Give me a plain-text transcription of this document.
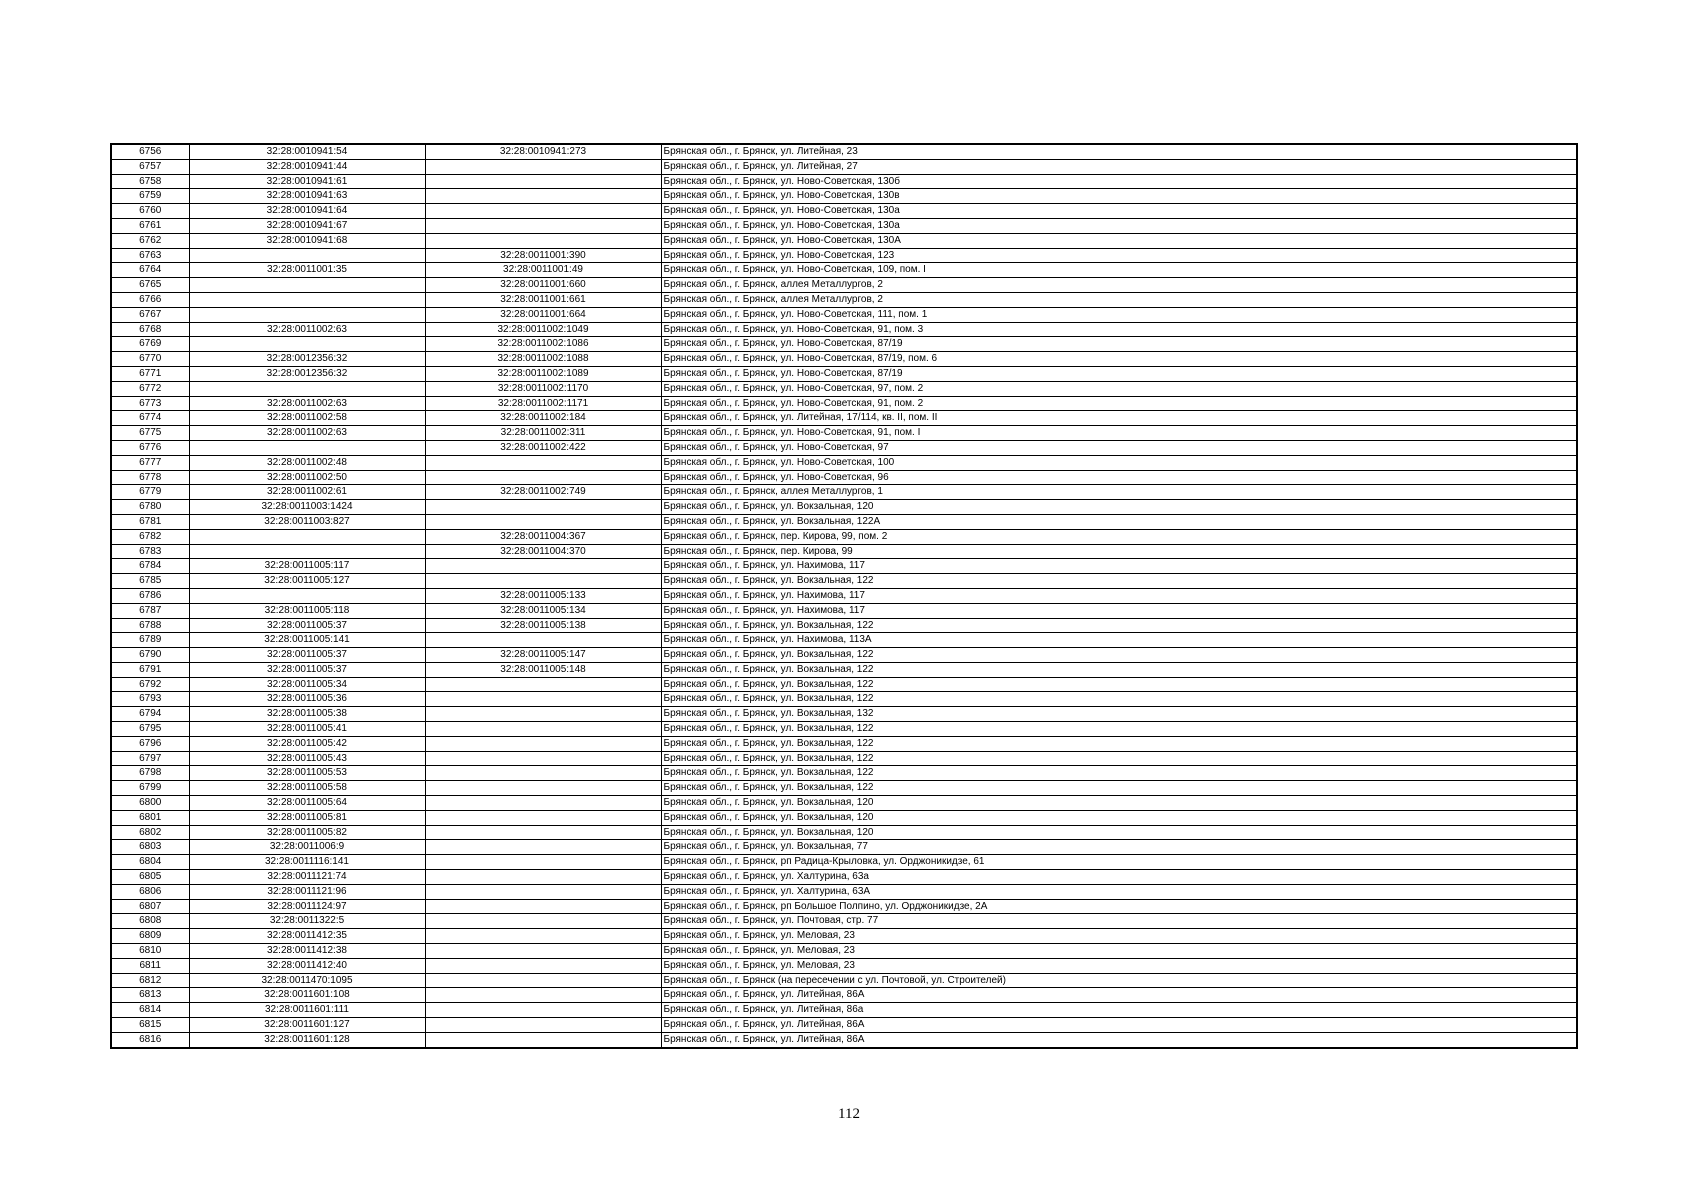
6756	32:28:0010941:54	32:28:0010941:273	Брянская обл., г. Брянск, ул. Литейная, 23
6757	32:28:0010941:44		Брянская обл., г. Брянск, ул. Литейная, 27
6758	32:28:0010941:61		Брянская обл., г. Брянск, ул. Ново-Советская, 130б
6759	32:28:0010941:63		Брянская обл., г. Брянск, ул. Ново-Советская, 130в
6760	32:28:0010941:64		Брянская обл., г. Брянск, ул. Ново-Советская, 130а
6761	32:28:0010941:67		Брянская обл., г. Брянск, ул. Ново-Советская, 130а
6762	32:28:0010941:68		Брянская обл., г. Брянск, ул. Ново-Советская, 130А
6763		32:28:0011001:390	Брянская обл., г. Брянск, ул. Ново-Советская, 123
6764	32:28:0011001:35	32:28:0011001:49	Брянская обл., г. Брянск, ул. Ново-Советская, 109, пом. I
6765		32:28:0011001:660	Брянская обл., г. Брянск, аллея Металлургов, 2
6766		32:28:0011001:661	Брянская обл., г. Брянск, аллея Металлургов, 2
6767		32:28:0011001:664	Брянская обл., г. Брянск, ул. Ново-Советская, 111, пом. 1
6768	32:28:0011002:63	32:28:0011002:1049	Брянская обл., г. Брянск, ул. Ново-Советская, 91, пом. 3
6769		32:28:0011002:1086	Брянская обл., г. Брянск, ул. Ново-Советская, 87/19
6770	32:28:0012356:32	32:28:0011002:1088	Брянская обл., г. Брянск, ул. Ново-Советская, 87/19, пом. 6
6771	32:28:0012356:32	32:28:0011002:1089	Брянская обл., г. Брянск, ул. Ново-Советская, 87/19
6772		32:28:0011002:1170	Брянская обл., г. Брянск, ул. Ново-Советская, 97, пом. 2
6773	32:28:0011002:63	32:28:0011002:1171	Брянская обл., г. Брянск, ул. Ново-Советская, 91, пом. 2
6774	32:28:0011002:58	32:28:0011002:184	Брянская обл., г. Брянск, ул. Литейная, 17/114, кв. II, пом. II
6775	32:28:0011002:63	32:28:0011002:311	Брянская обл., г. Брянск, ул. Ново-Советская, 91, пом. I
6776		32:28:0011002:422	Брянская обл., г. Брянск, ул. Ново-Советская, 97
6777	32:28:0011002:48		Брянская обл., г. Брянск, ул. Ново-Советская, 100
6778	32:28:0011002:50		Брянская обл., г. Брянск, ул. Ново-Советская, 96
6779	32:28:0011002:61	32:28:0011002:749	Брянская обл., г. Брянск, аллея Металлургов, 1
6780	32:28:0011003:1424		Брянская обл., г. Брянск, ул. Вокзальная, 120
6781	32:28:0011003:827		Брянская обл., г. Брянск, ул. Вокзальная, 122А
6782		32:28:0011004:367	Брянская обл., г. Брянск, пер. Кирова, 99, пом. 2
6783		32:28:0011004:370	Брянская обл., г. Брянск, пер. Кирова, 99
6784	32:28:0011005:117		Брянская обл., г. Брянск, ул. Нахимова, 117
6785	32:28:0011005:127		Брянская обл., г. Брянск, ул. Вокзальная, 122
6786		32:28:0011005:133	Брянская обл., г. Брянск, ул. Нахимова, 117
6787	32:28:0011005:118	32:28:0011005:134	Брянская обл., г. Брянск, ул. Нахимова, 117
6788	32:28:0011005:37	32:28:0011005:138	Брянская обл., г. Брянск, ул. Вокзальная, 122
6789	32:28:0011005:141		Брянская обл., г. Брянск, ул. Нахимова, 113А
6790	32:28:0011005:37	32:28:0011005:147	Брянская обл., г. Брянск, ул. Вокзальная, 122
6791	32:28:0011005:37	32:28:0011005:148	Брянская обл., г. Брянск, ул. Вокзальная, 122
6792	32:28:0011005:34		Брянская обл., г. Брянск, ул. Вокзальная, 122
6793	32:28:0011005:36		Брянская обл., г. Брянск, ул. Вокзальная, 122
6794	32:28:0011005:38		Брянская обл., г. Брянск, ул. Вокзальная, 132
6795	32:28:0011005:41		Брянская обл., г. Брянск, ул. Вокзальная, 122
6796	32:28:0011005:42		Брянская обл., г. Брянск, ул. Вокзальная, 122
6797	32:28:0011005:43		Брянская обл., г. Брянск, ул. Вокзальная, 122
6798	32:28:0011005:53		Брянская обл., г. Брянск, ул. Вокзальная, 122
6799	32:28:0011005:58		Брянская обл., г. Брянск, ул. Вокзальная, 122
6800	32:28:0011005:64		Брянская обл., г. Брянск, ул. Вокзальная, 120
6801	32:28:0011005:81		Брянская обл., г. Брянск, ул. Вокзальная, 120
6802	32:28:0011005:82		Брянская обл., г. Брянск, ул. Вокзальная, 120
6803	32:28:0011006:9		Брянская обл., г. Брянск, ул. Вокзальная, 77
6804	32:28:0011116:141		Брянская обл., г. Брянск, рп Радица-Крыловка, ул. Орджоникидзе, 61
6805	32:28:0011121:74		Брянская обл., г. Брянск, ул. Халтурина, 63а
6806	32:28:0011121:96		Брянская обл., г. Брянск, ул. Халтурина, 63А
6807	32:28:0011124:97		Брянская обл., г. Брянск, рп Большое Полпино, ул. Орджоникидзе, 2А
6808	32:28:0011322:5		Брянская обл., г. Брянск, ул. Почтовая, стр. 77
6809	32:28:0011412:35		Брянская обл., г. Брянск, ул. Меловая, 23
6810	32:28:0011412:38		Брянская обл., г. Брянск, ул. Меловая, 23
6811	32:28:0011412:40		Брянская обл., г. Брянск, ул. Меловая, 23
6812	32:28:0011470:1095		Брянская обл., г. Брянск (на пересечении с ул. Почтовой, ул. Строителей)
6813	32:28:0011601:108		Брянская обл., г. Брянск, ул. Литейная, 86А
6814	32:28:0011601:111		Брянская обл., г. Брянск, ул. Литейная, 86а
6815	32:28:0011601:127		Брянская обл., г. Брянск, ул. Литейная, 86А
6816	32:28:0011601:128		Брянская обл., г. Брянск, ул. Литейная, 86А
112
